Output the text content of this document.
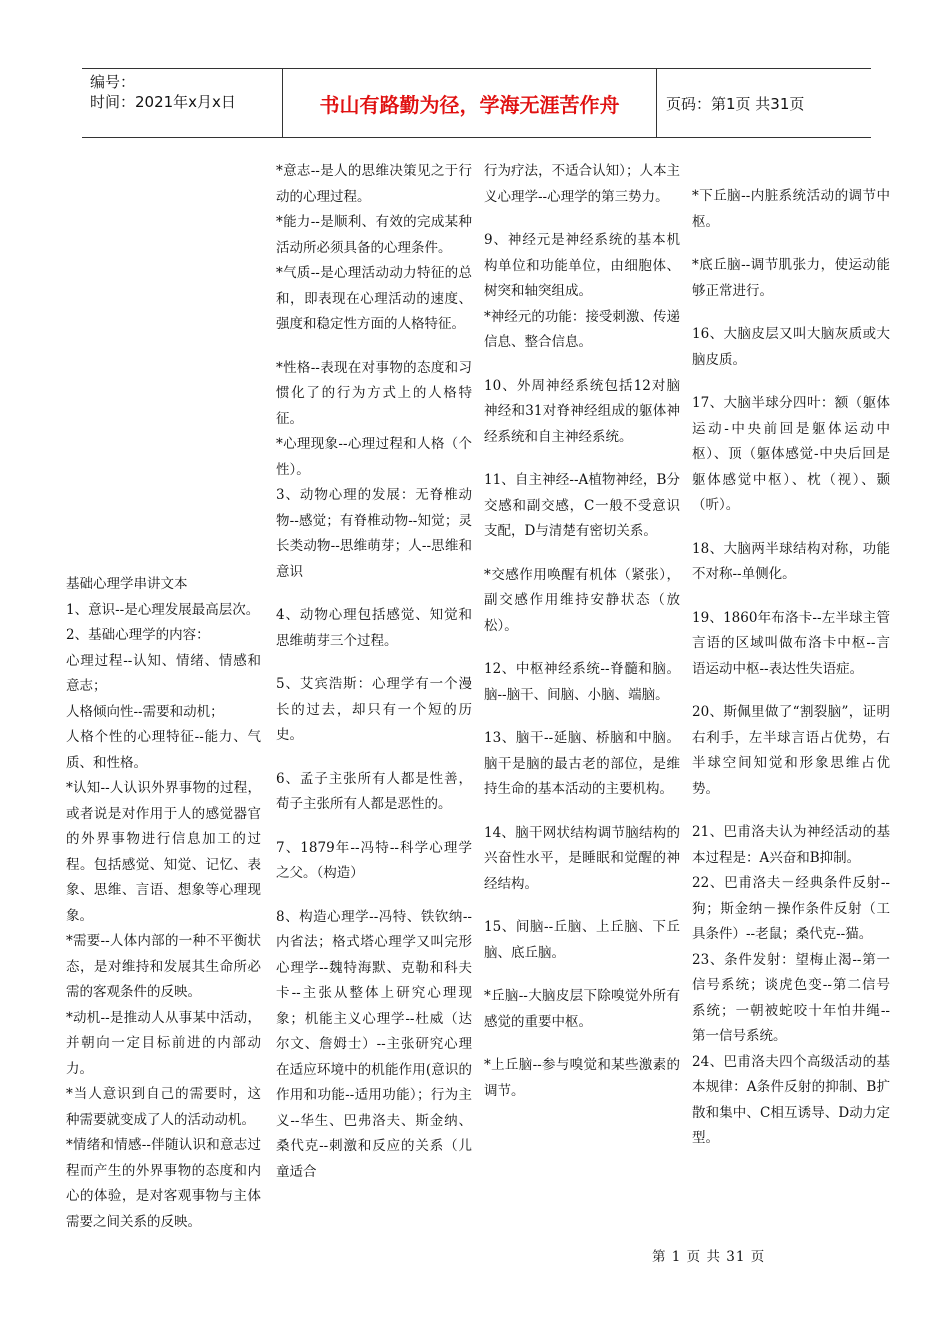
编号：
时间：2021年x月x日	书山有路勤为径，学海无涯苦作舟	页码：第1页 共31页

基础心理学串讲文本

1、意识--是心理发展最高层次。

2、基础心理学的内容：

心理过程--认知、情绪、情感和意志；

人格倾向性--需要和动机；

人格个性的心理特征--能力、气质、和性格。

*认知--人认识外界事物的过程，或者说是对作用于人的感觉器官的外界事物进行信息加工的过程。包括感觉、知觉、记忆、表象、思维、言语、想象等心理现象。

*需要--人体内部的一种不平衡状态，是对维持和发展其生命所必需的客观条件的反映。

*动机--是推动人从事某中活动，并朝向一定目标前进的内部动力。

*当人意识到自己的需要时，这种需要就变成了人的活动动机。

*情绪和情感--伴随认识和意志过程而产生的外界事物的态度和内心的体验，是对客观事物与主体需要之间关系的反映。

*意志--是人的思维决策见之于行动的心理过程。

*能力--是顺利、有效的完成某种活动所必须具备的心理条件。

*气质--是心理活动动力特征的总和，即表现在心理活动的速度、强度和稳定性方面的人格特征。

*性格--表现在对事物的态度和习惯化了的行为方式上的人格特征。

*心理现象--心理过程和人格（个性）。

3、动物心理的发展：无脊椎动物--感觉；有脊椎动物--知觉；灵长类动物--思维萌芽；人--思维和意识

4、动物心理包括感觉、知觉和思维萌芽三个过程。

5、艾宾浩斯：心理学有一个漫长的过去，却只有一个短的历史。

6、孟子主张所有人都是性善，荀子主张所有人都是恶性的。

7、1879年--冯特--科学心理学之父。（构造）

8、构造心理学--冯特、铁钦纳--内省法；格式塔心理学又叫完形心理学--魏特海默、克勒和科夫卡--主张从整体上研究心理现象；机能主义心理学--杜威（达尔文、詹姆士）--主张研究心理在适应环境中的机能作用(意识的作用和功能--适用功能）；行为主义--华生、巴弗洛夫、斯金纳、桑代克--刺激和反应的关系（儿童适合

行为疗法，不适合认知）；人本主义心理学--心理学的第三势力。

9、神经元是神经系统的基本机构单位和功能单位，由细胞体、树突和轴突组成。

*神经元的功能：接受刺激、传递信息、整合信息。

10、外周神经系统包括12对脑神经和31对脊神经组成的躯体神经系统和自主神经系统。

11、自主神经--A植物神经，B分交感和副交感，C一般不受意识支配，D与清楚有密切关系。

*交感作用唤醒有机体（紧张），副交感作用维持安静状态（放松）。

12、中枢神经系统--脊髓和脑。脑--脑干、间脑、小脑、端脑。

13、脑干--延脑、桥脑和中脑。脑干是脑的最古老的部位，是维持生命的基本活动的主要机构。

14、脑干网状结构调节脑结构的兴奋性水平，是睡眠和觉醒的神经结构。

15、间脑--丘脑、上丘脑、下丘脑、底丘脑。

*丘脑--大脑皮层下除嗅觉外所有感觉的重要中枢。

*上丘脑--参与嗅觉和某些激素的调节。

*下丘脑--内脏系统活动的调节中枢。

*底丘脑--调节肌张力，使运动能够正常进行。

16、大脑皮层又叫大脑灰质或大脑皮质。

17、大脑半球分四叶：额（躯体运动-中央前回是躯体运动中枢）、顶（躯体感觉-中央后回是躯体感觉中枢）、枕（视）、颞（听）。

18、大脑两半球结构对称，功能不对称--单侧化。

19、1860年布洛卡--左半球主管言语的区域叫做布洛卡中枢--言语运动中枢--表达性失语症。

20、斯佩里做了“割裂脑”，证明右利手，左半球言语占优势，右半球空间知觉和形象思维占优势。

21、巴甫洛夫认为神经活动的基本过程是：A兴奋和B抑制。

22、巴甫洛夫－经典条件反射--狗；斯金纳－操作条件反射（工具条件）--老鼠；桑代克--猫。

23、条件发射：望梅止渴--第一信号系统；谈虎色变--第二信号系统；一朝被蛇咬十年怕井绳--第一信号系统。

24、巴甫洛夫四个高级活动的基本规律：A条件反射的抑制、B扩散和集中、C相互诱导、D动力定型。

第 1 页 共 31 页
